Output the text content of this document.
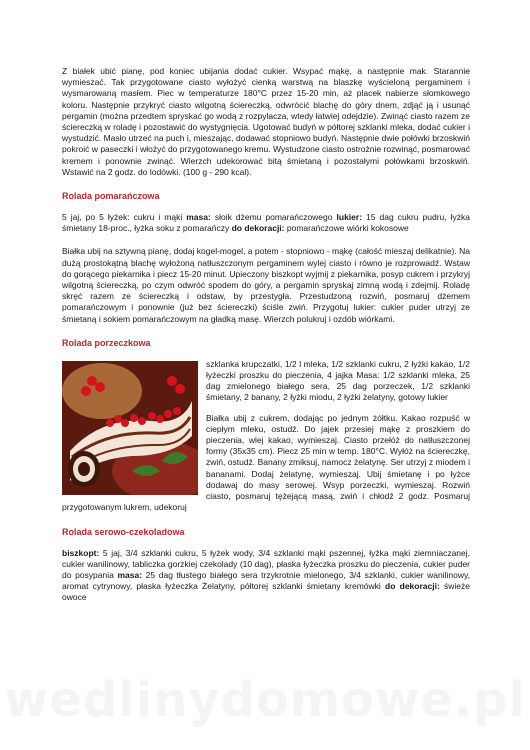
Z białek ubić pianę, pod koniec ubijania dodać cukier. Wsypać mąkę, a następnie mak. Starannie wymieszać. Tak przygotowane ciasto wyłożyć cienką warstwą na blaszkę wyścieloną pergaminem i wysmarowaną masłem. Piec w temperaturze 180°C przez 15-20 min, aż placek nabierze słomkowego koloru. Następnie przykryć ciasto wilgotną ściereczką, odwrócić blachę do góry dnem, zdjąć ją i usunąć pergamin (można przedtem spryskać go wodą z rozpylacza, wtedy łatwiej odejdzie). Zwinąć ciasto razem ze ściereczką w roladę i pozostawić do wystygnięcia. Ugotować budyń w półtorej szklanki mleka, dodać cukier i wystudzić. Masło utrzeć na puch i, mieszając, dodawać stopniowo budyń. Następnie dwie połówki brzoskwiń pokroić w paseczki i włożyć do przygotowanego kremu. Wystudzone ciasto ostrożnie rozwinąć, posmarować kremem i ponownie zwinąć. Wierzch udekorować bitą śmietaną i pozostałymi połówkami brzoskwiń. Wstawić na 2 godz. do lodówki. (100 g - 290 kcal).

Rolada pomarańczowa

5 jaj, po 5 łyżek: cukru i mąki masa: słoik dżemu pomarańczowego lukier: 15 dag cukru pudru, łyżka śmietany 18-proc., łyżka soku z pomarańczy do dekoracji: pomarańczowe wiórki kokosowe

Białka ubij na sztywną pianę, dodaj kogel-mogel, a potem - stopniowo - mąkę (całość mieszaj delikatnie). Na dużą prostokątną blachę wyłożoną natłuszczonym pergaminem wylej ciasto i równo je rozprowadź. Wstaw do gorącego piekarnika i piecz 15-20 minut. Upieczony biszkopt wyjmij z piekarnika, posyp cukrem i przykryj wilgotną ściereczką, po czym odwróć spodem do góry, a pergamin spryskaj zimną wodą i zdejmij. Roladę skręć razem ze ściereczką i odstaw, by przestygła. Przestudzoną rozwiń, posmaruj dżemem pomarańczowym i ponownie (już bez ściereczki) ściśle zwiń. Przygotuj lukier: cukier puder utrzyj ze śmietaną i sokiem pomarańczowym na gładką masę. Wierzch polukruj i ozdób wiórkami.

Rolada porzeczkowa

szklanka krupczatki, 1/2 l mleka, 1/2 szklanki cukru, 2 łyżki kakao, 1/2 łyżeczki proszku do pieczenia, 4 jajka Masa: 1/2 szklanki mleka, 25 dag zmielonego białego sera, 25 dag porzeczek, 1/2 szklanki śmietany, 2 banany, 2 łyżki miodu, 2 łyżki żelatyny, gotowy lukier

Białka ubij z cukrem, dodając po jednym żółtku. Kakao rozpuść w ciepłym mleku, ostudź. Do jajek przesiej mąkę z proszkiem do pieczenia, wlej kakao, wymieszaj. Ciasto przełóż do natłuszczonej formy (35x35 cm). Piecz 25 min w temp. 180°C. Wyłóż na ściereczkę, zwiń, ostudź. Banany zmiksuj, namocz żelatynę. Ser utrzyj z miodem i bananami. Dodaj żelatynę, wymieszaj. Ubij śmietanę i po łyżce dodawaj do masy serowej. Wsyp porzeczki, wymieszaj. Rozwiń ciasto, posmaruj tężejącą masą, zwiń i chłodź 2 godz. Posmaruj przygotowanym lukrem, udekoruj

Rolada serowo-czekoladowa

biszkopt: 5 jaj, 3/4 szklanki cukru, 5 łyżek wody, 3/4 szklanki mąki pszennej, łyżka mąki ziemniaczanej, cukier wanilinowy, tabliczka gorzkiej czekolady (10 dag), płaska łyżeczka proszku do pieczenia, cukier puder do posypania masa: 25 dag tłustego białego sera trzykrotnie mielonego, 3/4 szklanki, cukier wanilinowy, aromat cytrynowy, płaska łyżeczka Żelatyny, półtorej szklanki śmietany kremówki do dekoracji: świeże owoce
